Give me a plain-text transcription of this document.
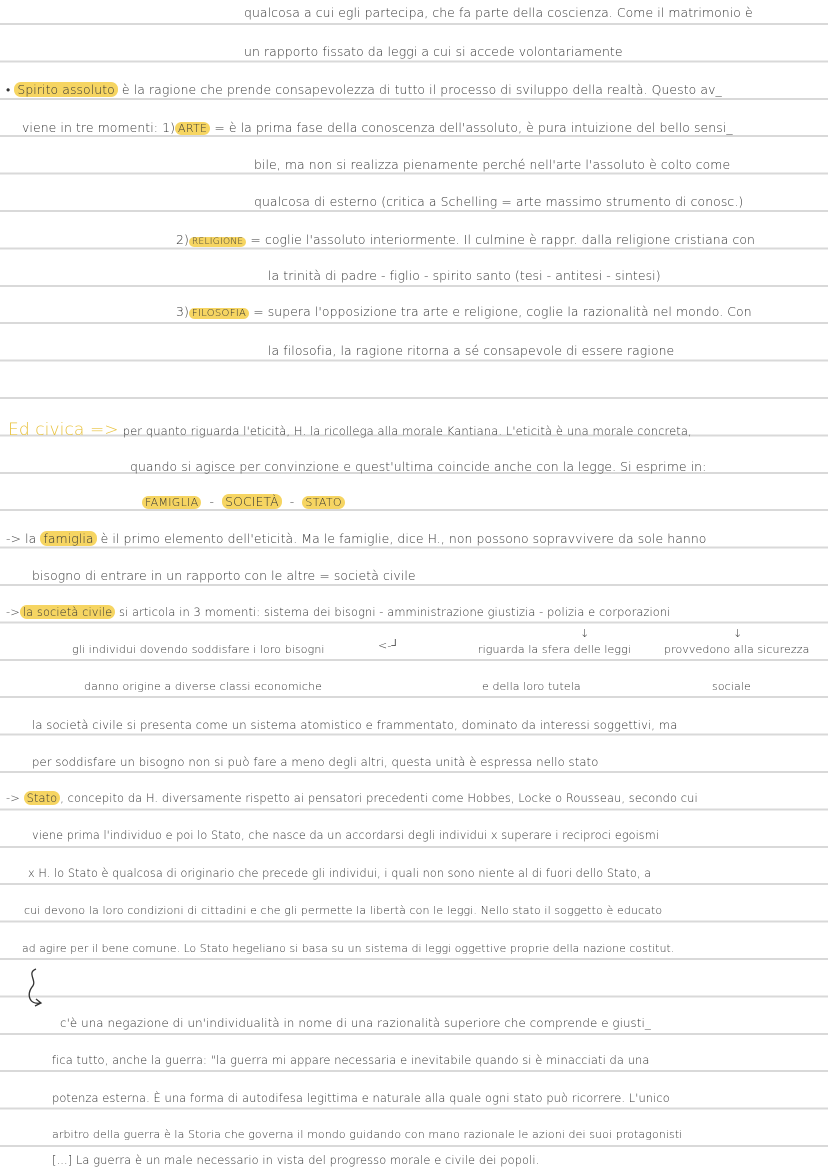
qualcosa a cui egli partecipa, che fa parte della coscienza. Come il matrimonio è
un rapporto fissato da leggi a cui si accede volontariamente
• Spirito assoluto è la ragione che prende consapevolezza di tutto il processo di sviluppo della realtà. Questo av_
viene in tre momenti: 1) ARTE = è la prima fase della conoscenza dell'assoluto, è pura intuizione del bello sensi_
bile, ma non si realizza pienamente perché nell'arte l'assoluto è colto come
qualcosa di esterno (critica a Schelling = arte massimo strumento di conosc.)
2) RELIGIONE = coglie l'assoluto interiormente. Il culmine è rappr. dalla religione cristiana con
la trinità di padre - figlio - spirito santo (tesi - antitesi - sintesi)
3) FILOSOFIA = supera l'opposizione tra arte e religione, coglie la razionalità nel mondo. Con
la filosofia, la ragione ritorna a sé consapevole di essere ragione
Ed civica => per quanto riguarda l'eticità, H. la ricollega alla morale Kantiana. L'eticità è una morale concreta,
quando si agisce per convinzione e quest'ultima coincide anche con la legge. Si esprime in:
FAMIGLIA - SOCIETÀ - STATO
-> la famiglia è il primo elemento dell'eticità. Ma le famiglie, dice H., non possono sopravvivere da sole hanno
bisogno di entrare in un rapporto con le altre = società civile
-> la società civile si articola in 3 momenti: sistema dei bisogni - amministrazione giustizia - polizia e corporazioni
gli individui dovendo soddisfare i loro bisogni	<-┘	riguarda la sfera delle leggi	provvedono alla sicurezza
↓	↓
danno origine a diverse classi economiche	e della loro tutela	sociale
la società civile si presenta come un sistema atomistico e frammentato, dominato da interessi soggettivi, ma
per soddisfare un bisogno non si può fare a meno degli altri, questa unità è espressa nello stato
-> Stato , concepito da H. diversamente rispetto ai pensatori precedenti come Hobbes, Locke o Rousseau, secondo cui
viene prima l'individuo e poi lo Stato, che nasce da un accordarsi degli individui x superare i reciproci egoismi
x H. lo Stato è qualcosa di originario che precede gli individui, i quali non sono niente al di fuori dello Stato, a
cui devono la loro condizioni di cittadini e che gli permette la libertà con le leggi. Nello stato il soggetto è educato
ad agire per il bene comune. Lo Stato hegeliano si basa su un sistema di leggi oggettive proprie della nazione costitut.
c'è una negazione di un'individualità in nome di una razionalità superiore che comprende e giusti_
fica tutto, anche la guerra: "la guerra mi appare necessaria e inevitabile quando si è minacciati da una
potenza esterna. È una forma di autodifesa legittima e naturale alla quale ogni stato può ricorrere. L'unico
arbitro della guerra è la Storia che governa il mondo guidando con mano razionale le azioni dei suoi protagonisti
[...] La guerra è un male necessario in vista del progresso morale e civile dei popoli.
